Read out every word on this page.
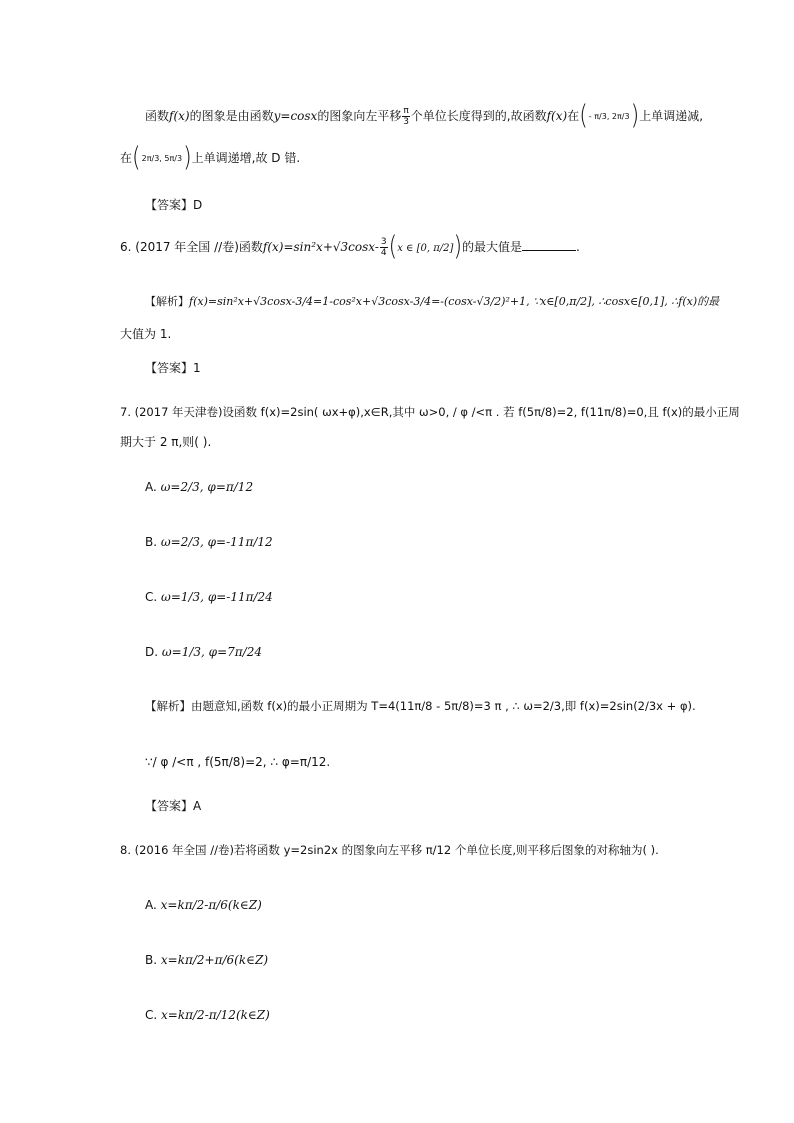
函数f(x)的图象是由函数y=cosx的图象向左平移 $\frac{\pi}{3}$ 个单位长度得到的,故函数f(x)在( - π/3, 2π/3 )上单调递减,
在( 2π/3, 5π/3 )上单调递增,故 D 错.
【答案】D
6. (2017 年全国 //卷)函数$f(x)=\sin^2x+√3\cos x- \frac{3}{4} (x$ ∈ [0, π/2])的最大值是	.
【解析】f(x)=sin²x+√3cosx-3/4=1-cos²x+√3cosx-3/4=-(cosx-√3/2)²+1, ∵x∈[0,π/2], ∴cosx∈[0,1], ∴f(x)的最
大值为 1.
【答案】1
7. (2017 年天津卷)设函数 f(x)=2sin( ωx+φ),x∈R,其中 ω>0, / φ /<π . 若 f(5π/8)=2, f(11π/8)=0,且 f(x)的最小正周
期大于 2 π,则( ).
A. ω=2/3, φ=π/12
B. ω=2/3, φ=-11π/12
C. ω=1/3, φ=-11π/24
D. ω=1/3, φ=7π/24
【解析】由题意知,函数 f(x)的最小正周期为 T=4(11π/8 - 5π/8)=3 π , ∴ ω=2/3,即 f(x)=2sin(2/3x + φ).
∵/ φ /<π , f(5π/8)=2, ∴ φ=π/12.
【答案】A
8. (2016 年全国 //卷)若将函数 y=2sin2x 的图象向左平移 π/12 个单位长度,则平移后图象的对称轴为( ).
A. x=kπ/2-π/6(k∈Z)
B. x=kπ/2+π/6(k∈Z)
C. x=kπ/2-π/12(k∈Z)
